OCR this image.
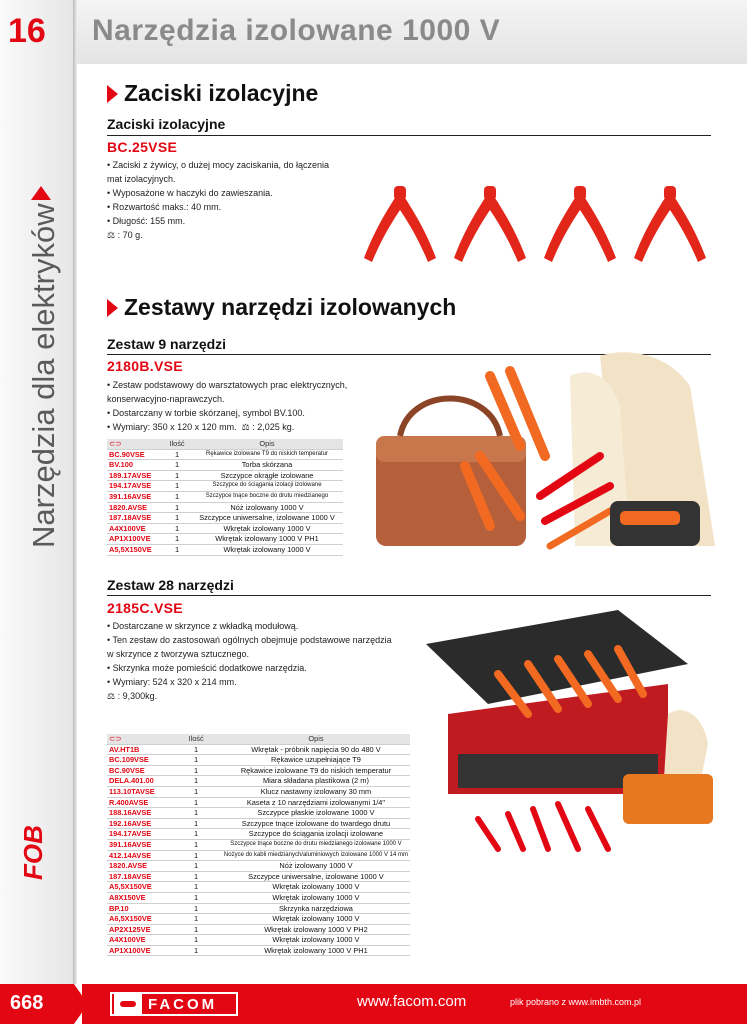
16 Narzędzia izolowane 1000 V
Narzędzia dla elektryków
FOB
Zaciski izolacyjne
Zaciski izolacyjne
BC.25VSE
• Zaciski z żywicy, o dużej mocy zaciskania, do łączenia
mat izolacyjnych.
• Wyposażone w haczyki do zawieszania.
• Rozwartość maks.: 40 mm.
• Długość: 155 mm.
⚖ : 70 g.
Zestawy narzędzi izolowanych
Zestaw 9 narzędzi
2180B.VSE
• Zestaw podstawowy do warsztatowych prac elektrycznych,
konserwacyjno-naprawczych.
• Dostarczany w torbie skórzanej, symbol BV.100.
• Wymiary: 350 x 120 x 120 mm. ⚖ : 2,025 kg.
⊂⊃	Ilość	Opis
BC.90VSE	1	Rękawice izolowane T9 do niskich temperatur
BV.100	1	Torba skórzana
189.17AVSE	1	Szczypce okrągłe izolowane
194.17AVSE	1	Szczypce do ściągania izolacji izolowane
391.16AVSE	1	Szczypce tnące boczne do drutu miedzianego
1820.AVSE	1	Nóż izolowany 1000 V
187.18AVSE	1	Szczypce uniwersalne, izolowane 1000 V
A4X100VE	1	Wkrętak izolowany 1000 V
AP1X100VE	1	Wkrętak izolowany 1000 V PH1
A5,5X150VE	1	Wkrętak izolowany 1000 V
Zestaw 28 narzędzi
2185C.VSE
• Dostarczane w skrzynce z wkładką modułową.
• Ten zestaw do zastosowań ogólnych obejmuje podstawowe narzędzia
w skrzynce z tworzywa sztucznego.
• Skrzynka może pomieścić dodatkowe narzędzia.
• Wymiary: 524 x 320 x 214 mm.
⚖ : 9,300kg.
⊂⊃	Ilość	Opis
AV.HT1B	1	Wkrętak - próbnik napięcia 90 do 480 V
BC.109VSE	1	Rękawice uzupełniające T9
BC.90VSE	1	Rękawice izolowane T9 do niskich temperatur
DELA.401.00	1	Miara składana plastikowa (2 m)
113.10TAVSE	1	Klucz nastawny izolowany 30 mm
R.400AVSE	1	Kaseta z 10 narzędziami izolowanymi 1/4"
188.16AVSE	1	Szczypce płaskie izolowane 1000 V
192.16AVSE	1	Szczypce tnące izolowane do twardego drutu
194.17AVSE	1	Szczypce do ściągania izolacji izolowane
391.16AVSE	1	Szczypce tnące boczne do drutu miedzianego izolowane 1000 V
412.14AVSE	1	Nożyce do kabli miedzianych/aluminiowych izolowane 1000 V 14 mm
1820.AVSE	1	Nóż izolowany 1000 V
187.18AVSE	1	Szczypce uniwersalne, izolowane 1000 V
A5,5X150VE	1	Wkrętak izolowany 1000 V
A8X150VE	1	Wkrętak izolowany 1000 V
BP.10	1	Skrzynka narzędziowa
A6,5X150VE	1	Wkrętak izolowany 1000 V
AP2X125VE	1	Wkrętak izolowany 1000 V PH2
A4X100VE	1	Wkrętak izolowany 1000 V
AP1X100VE	1	Wkrętak izolowany 1000 V PH1
668	FACOM	www.facom.com	plik pobrano z www.imbth.com.pl
